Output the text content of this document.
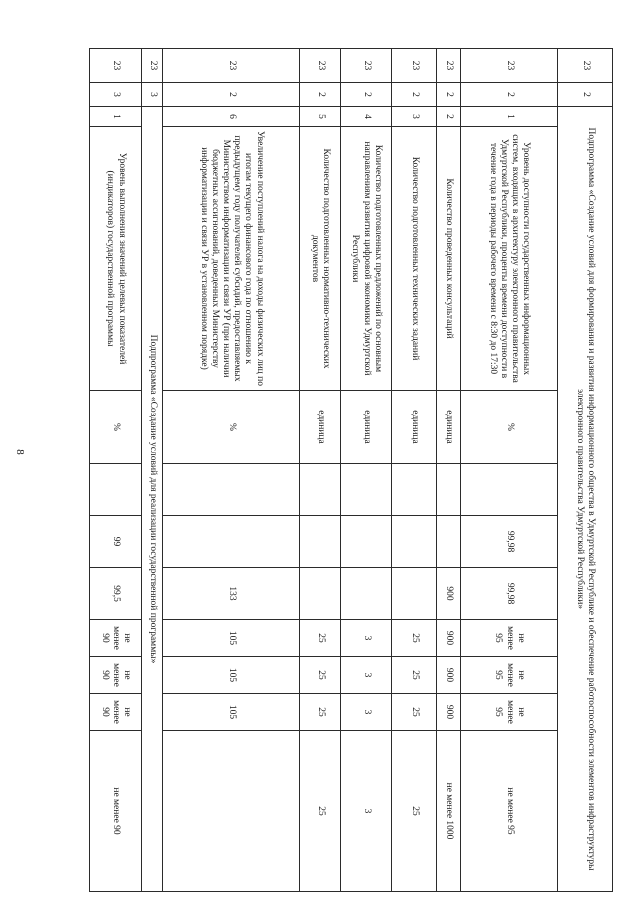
8
23	2	Подпрограмма «Создание условий для формирования и развития информационного общества в Удмуртской Республике и обеспечение работоспособности элементов инфраструктуры электронного правительства Удмуртской Республики»									
23	2	1	Уровень доступности государственных информационных систем, входящих в архитектуру электронного правительства Удмуртской Республики, проценты времени доступности в течение года в периоды рабочего времени с 8:30 до 17:30	%		99,98	99,98	не менее 95	не менее 95	не менее 95	не менее 95
23	2	2	Количество проведенных консультаций	единица			900	900	900	900	не менее 1000
23	2	3	Количество подготовленных технических заданий	единица				25	25	25	25
23	2	4	Количество подготовленных предложений по основным направлениям развития цифровой экономики Удмуртской Республики	единица				3	3	3	3
23	2	5	Количество подготовленных нормативно-технических документов	единица				25	25	25	25
23	2	6	Увеличение поступлений налога на доходы физических лиц по итогам текущего финансового года по отношению к предыдущему году получателей субсидий, предоставляемых Министерством информатизации и связи УР (при наличии бюджетных ассигнований, доведенных Министерству информатизации и связи УР в установленном порядке)	%			133	105	105	105	
23	3	Подпрограмма «Создание условий для реализации государственной программы»									
23	3	1	Уровень выполнения значений целевых показателей (индикаторов) государственной программы	%		99	99,5	не менее 90	не менее 90	не менее 90	не менее 90
